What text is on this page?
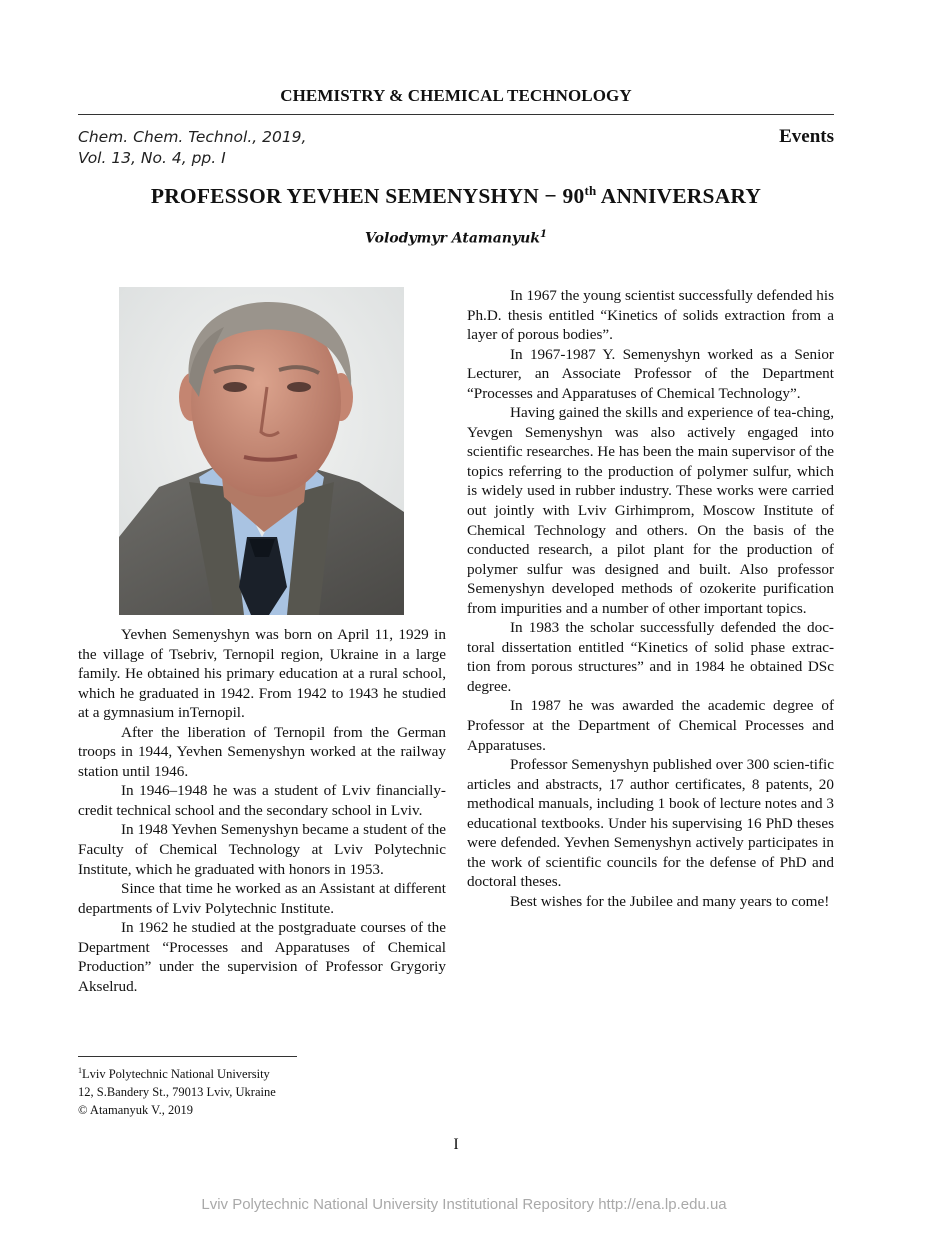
CHEMISTRY & CHEMICAL TECHNOLOGY
Chem. Chem. Technol., 2019,
Vol. 13, No. 4, pp. I
Events
PROFESSOR YEVHEN SEMENYSHYN − 90th ANNIVERSARY
Volodymyr Atamanyuk$^1$

Yevhen Semenyshyn was born on April 11, 1929 in the village of Tsebriv, Ternopil region, Ukraine in a large family. He obtained his primary education at a rural school, which he graduated in 1942. From 1942 to 1943 he studied at a gymnasium inTernopil.

After the liberation of Ternopil from the German troops in 1944, Yevhen Semenyshyn worked at the railway station until 1946.

In 1946–1948 he was a student of Lviv financially-credit technical school and the secondary school in Lviv.

In 1948 Yevhen Semenyshyn became a student of the Faculty of Chemical Technology at Lviv Polytechnic Institute, which he graduated with honors in 1953.

Since that time he worked as an Assistant at different departments of Lviv Polytechnic Institute.

In 1962 he studied at the postgraduate courses of the Department “Processes and Apparatuses of Chemical Production” under the supervision of Professor Grygoriy Akselrud.

In 1967 the young scientist successfully defended his Ph.D. thesis entitled “Kinetics of solids extraction from a layer of porous bodies”.

In 1967-1987 Y. Semenyshyn worked as a Senior Lecturer, an Associate Professor of the Department “Processes and Apparatuses of Chemical Technology”.

Having gained the skills and experience of tea-ching, Yevgen Semenyshyn was also actively engaged into scientific researches. He has been the main supervisor of the topics referring to the production of polymer sulfur, which is widely used in rubber industry. These works were carried out jointly with Lviv Girhimprom, Moscow Institute of Chemical Technology and others. On the basis of the conducted research, a pilot plant for the production of polymer sulfur was designed and built. Also professor Semenyshyn developed methods of ozokerite purification from impurities and a number of other important topics.

In 1983 the scholar successfully defended the doc-toral dissertation entitled “Kinetics of solid phase extrac-tion from porous structures” and in 1984 he obtained DSc degree.

In 1987 he was awarded the academic degree of Professor at the Department of Chemical Processes and Apparatuses.

Professor Semenyshyn published over 300 scien-tific articles and abstracts, 17 author certificates, 8 patents, 20 methodical manuals, including 1 book of lecture notes and 3 educational textbooks. Under his supervising 16 PhD theses were defended. Yevhen Semenyshyn actively participates in the work of scientific councils for the defense of PhD and doctoral theses.

Best wishes for the Jubilee and many years to come!

$^1$Lviv Polytechnic National University
12, S.Bandery St., 79013 Lviv, Ukraine
© Atamanyuk V., 2019
I
Lviv Polytechnic National University Institutional Repository http://ena.lp.edu.ua
